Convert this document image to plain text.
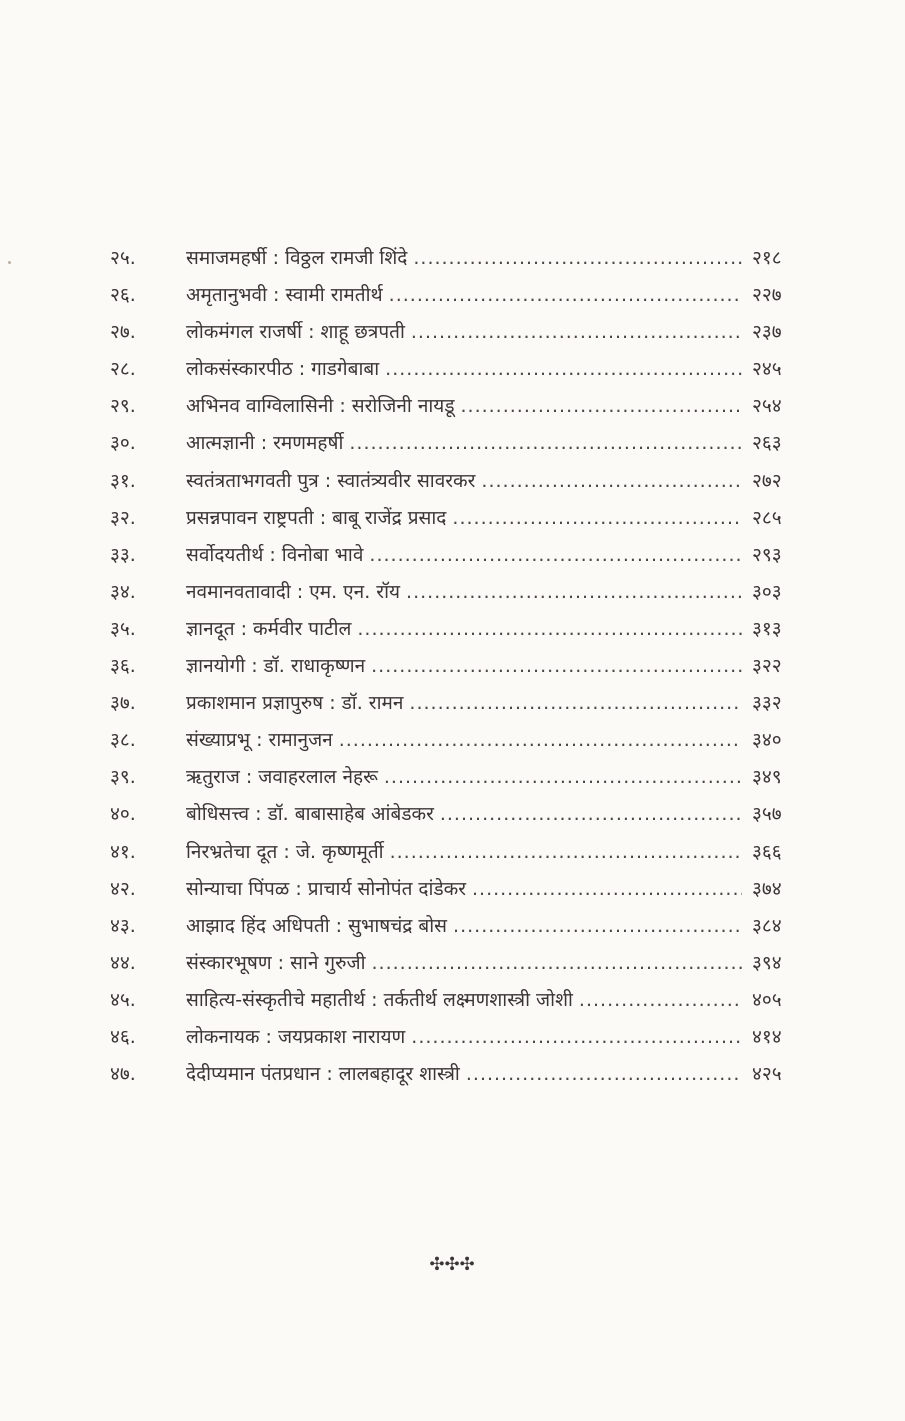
२५.	समाजमहर्षी : विठ्ठल रामजी शिंदे .....	२१८
२६.	अमृतानुभवी : स्वामी रामतीर्थ .....	२२७
२७.	लोकमंगल राजर्षी : शाहू छत्रपती .....	२३७
२८.	लोकसंस्कारपीठ : गाडगेबाबा .....	२४५
२९.	अभिनव वाग्विलासिनी : सरोजिनी नायडू .....	२५४
३०.	आत्मज्ञानी : रमणमहर्षी .....	२६३
३१.	स्वतंत्रताभगवती पुत्र : स्वातंत्र्यवीर सावरकर .....	२७२
३२.	प्रसन्नपावन राष्ट्रपती : बाबू राजेंद्र प्रसाद .....	२८५
३३.	सर्वोदयतीर्थ : विनोबा भावे .....	२९३
३४.	नवमानवतावादी : एम. एन. रॉय .....	३०३
३५.	ज्ञानदूत : कर्मवीर पाटील .....	३१३
३६.	ज्ञानयोगी : डॉ. राधाकृष्णन .....	३२२
३७.	प्रकाशमान प्रज्ञापुरुष : डॉ. रामन .....	३३२
३८.	संख्याप्रभू : रामानुजन .....	३४०
३९.	ऋतुराज : जवाहरलाल नेहरू .....	३४९
४०.	बोधिसत्त्व : डॉ. बाबासाहेब आंबेडकर .....	३५७
४१.	निरभ्रतेचा दूत : जे. कृष्णमूर्ती .....	३६६
४२.	सोन्याचा पिंपळ : प्राचार्य सोनोपंत दांडेकर .....	३७४
४३.	आझाद हिंद अधिपती : सुभाषचंद्र बोस .....	३८४
४४.	संस्कारभूषण : साने गुरुजी .....	३९४
४५.	साहित्य-संस्कृतीचे महातीर्थ : तर्कतीर्थ लक्ष्मणशास्त्री जोशी .....	४०५
४६.	लोकनायक : जयप्रकाश नारायण .....	४१४
४७.	देदीप्यमान पंतप्रधान : लालबहादूर शास्त्री .....	४२५
✣✣✣
